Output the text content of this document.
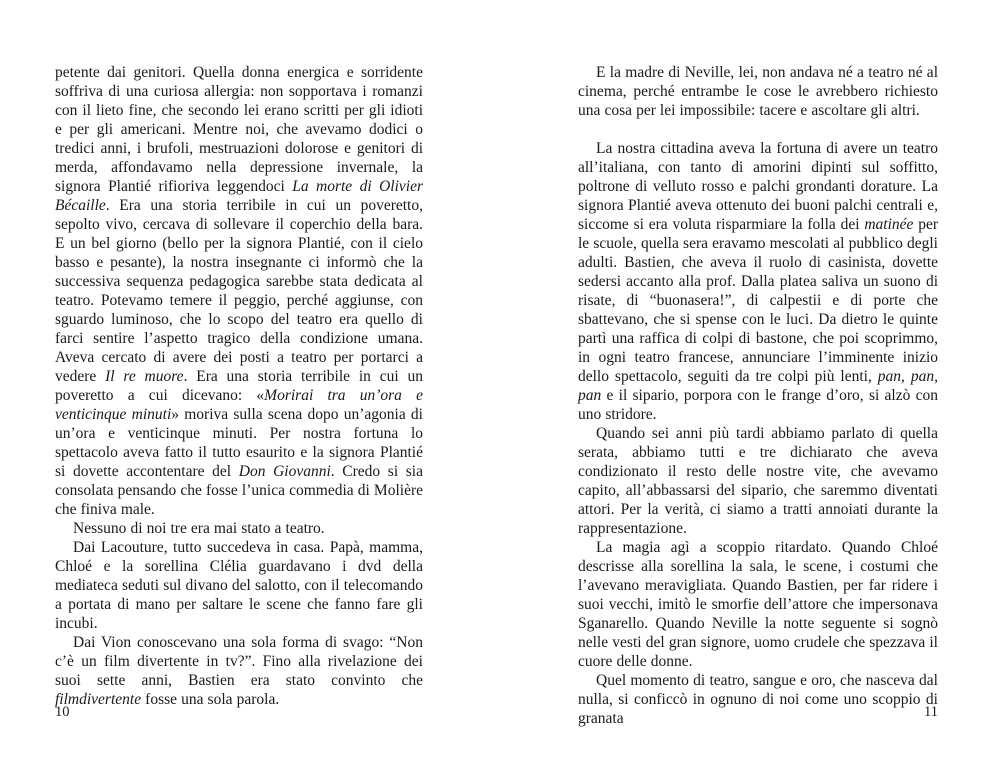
petente dai genitori. Quella donna energica e sorridente soffriva di una curiosa allergia: non sopportava i romanzi con il lieto fine, che secondo lei erano scritti per gli idioti e per gli americani. Mentre noi, che avevamo dodici o tredici anni, i brufoli, mestruazioni dolorose e genitori di merda, affondavamo nella depressione invernale, la signora Plantié rifioriva leggendoci La morte di Olivier Bécaille. Era una storia terribile in cui un poveretto, sepolto vivo, cercava di sollevare il coperchio della bara. E un bel giorno (bello per la signora Plantié, con il cielo basso e pesante), la nostra insegnante ci informò che la successiva sequenza pedagogica sarebbe stata dedicata al teatro. Potevamo temere il peggio, perché aggiunse, con sguardo luminoso, che lo scopo del teatro era quello di farci sentire l’aspetto tragico della condizione umana. Aveva cercato di avere dei posti a teatro per portarci a vedere Il re muore. Era una storia terribile in cui un poveretto a cui dicevano: «Morirai tra un’ora e venticinque minuti» moriva sulla scena dopo un’agonia di un’ora e venticinque minuti. Per nostra fortuna lo spettacolo aveva fatto il tutto esaurito e la signora Plantié si dovette accontentare del Don Giovanni. Credo si sia consolata pensando che fosse l’unica commedia di Molière che finiva male.

Nessuno di noi tre era mai stato a teatro.

Dai Lacouture, tutto succedeva in casa. Papà, mamma, Chloé e la sorellina Clélia guardavano i dvd della mediateca seduti sul divano del salotto, con il telecomando a portata di mano per saltare le scene che fanno fare gli incubi.

Dai Vion conoscevano una sola forma di svago: “Non c’è un film divertente in tv?”. Fino alla rivelazione dei suoi sette anni, Bastien era stato convinto che filmdivertente fosse una sola parola.

10

E la madre di Neville, lei, non andava né a teatro né al cinema, perché entrambe le cose le avrebbero richiesto una cosa per lei impossibile: tacere e ascoltare gli altri.

La nostra cittadina aveva la fortuna di avere un teatro all’italiana, con tanto di amorini dipinti sul soffitto, poltrone di velluto rosso e palchi grondanti dorature. La signora Plantié aveva ottenuto dei buoni palchi centrali e, siccome si era voluta risparmiare la folla dei matinée per le scuole, quella sera eravamo mescolati al pubblico degli adulti. Bastien, che aveva il ruolo di casinista, dovette sedersi accanto alla prof. Dalla platea saliva un suono di risate, di “buonasera!”, di calpestii e di porte che sbattevano, che si spense con le luci. Da dietro le quinte partì una raffica di colpi di bastone, che poi scoprimmo, in ogni teatro francese, annunciare l’imminente inizio dello spettacolo, seguiti da tre colpi più lenti, pan, pan, pan e il sipario, porpora con le frange d’oro, si alzò con uno stridore.

Quando sei anni più tardi abbiamo parlato di quella serata, abbiamo tutti e tre dichiarato che aveva condizionato il resto delle nostre vite, che avevamo capito, all’abbassarsi del sipario, che saremmo diventati attori. Per la verità, ci siamo a tratti annoiati durante la rappresentazione.

La magia agì a scoppio ritardato. Quando Chloé descrisse alla sorellina la sala, le scene, i costumi che l’avevano meravigliata. Quando Bastien, per far ridere i suoi vecchi, imitò le smorfie dell’attore che impersonava Sganarello. Quando Neville la notte seguente si sognò nelle vesti del gran signore, uomo crudele che spezzava il cuore delle donne.

Quel momento di teatro, sangue e oro, che nasceva dal nulla, si conficcò in ognuno di noi come uno scoppio di granata	11
